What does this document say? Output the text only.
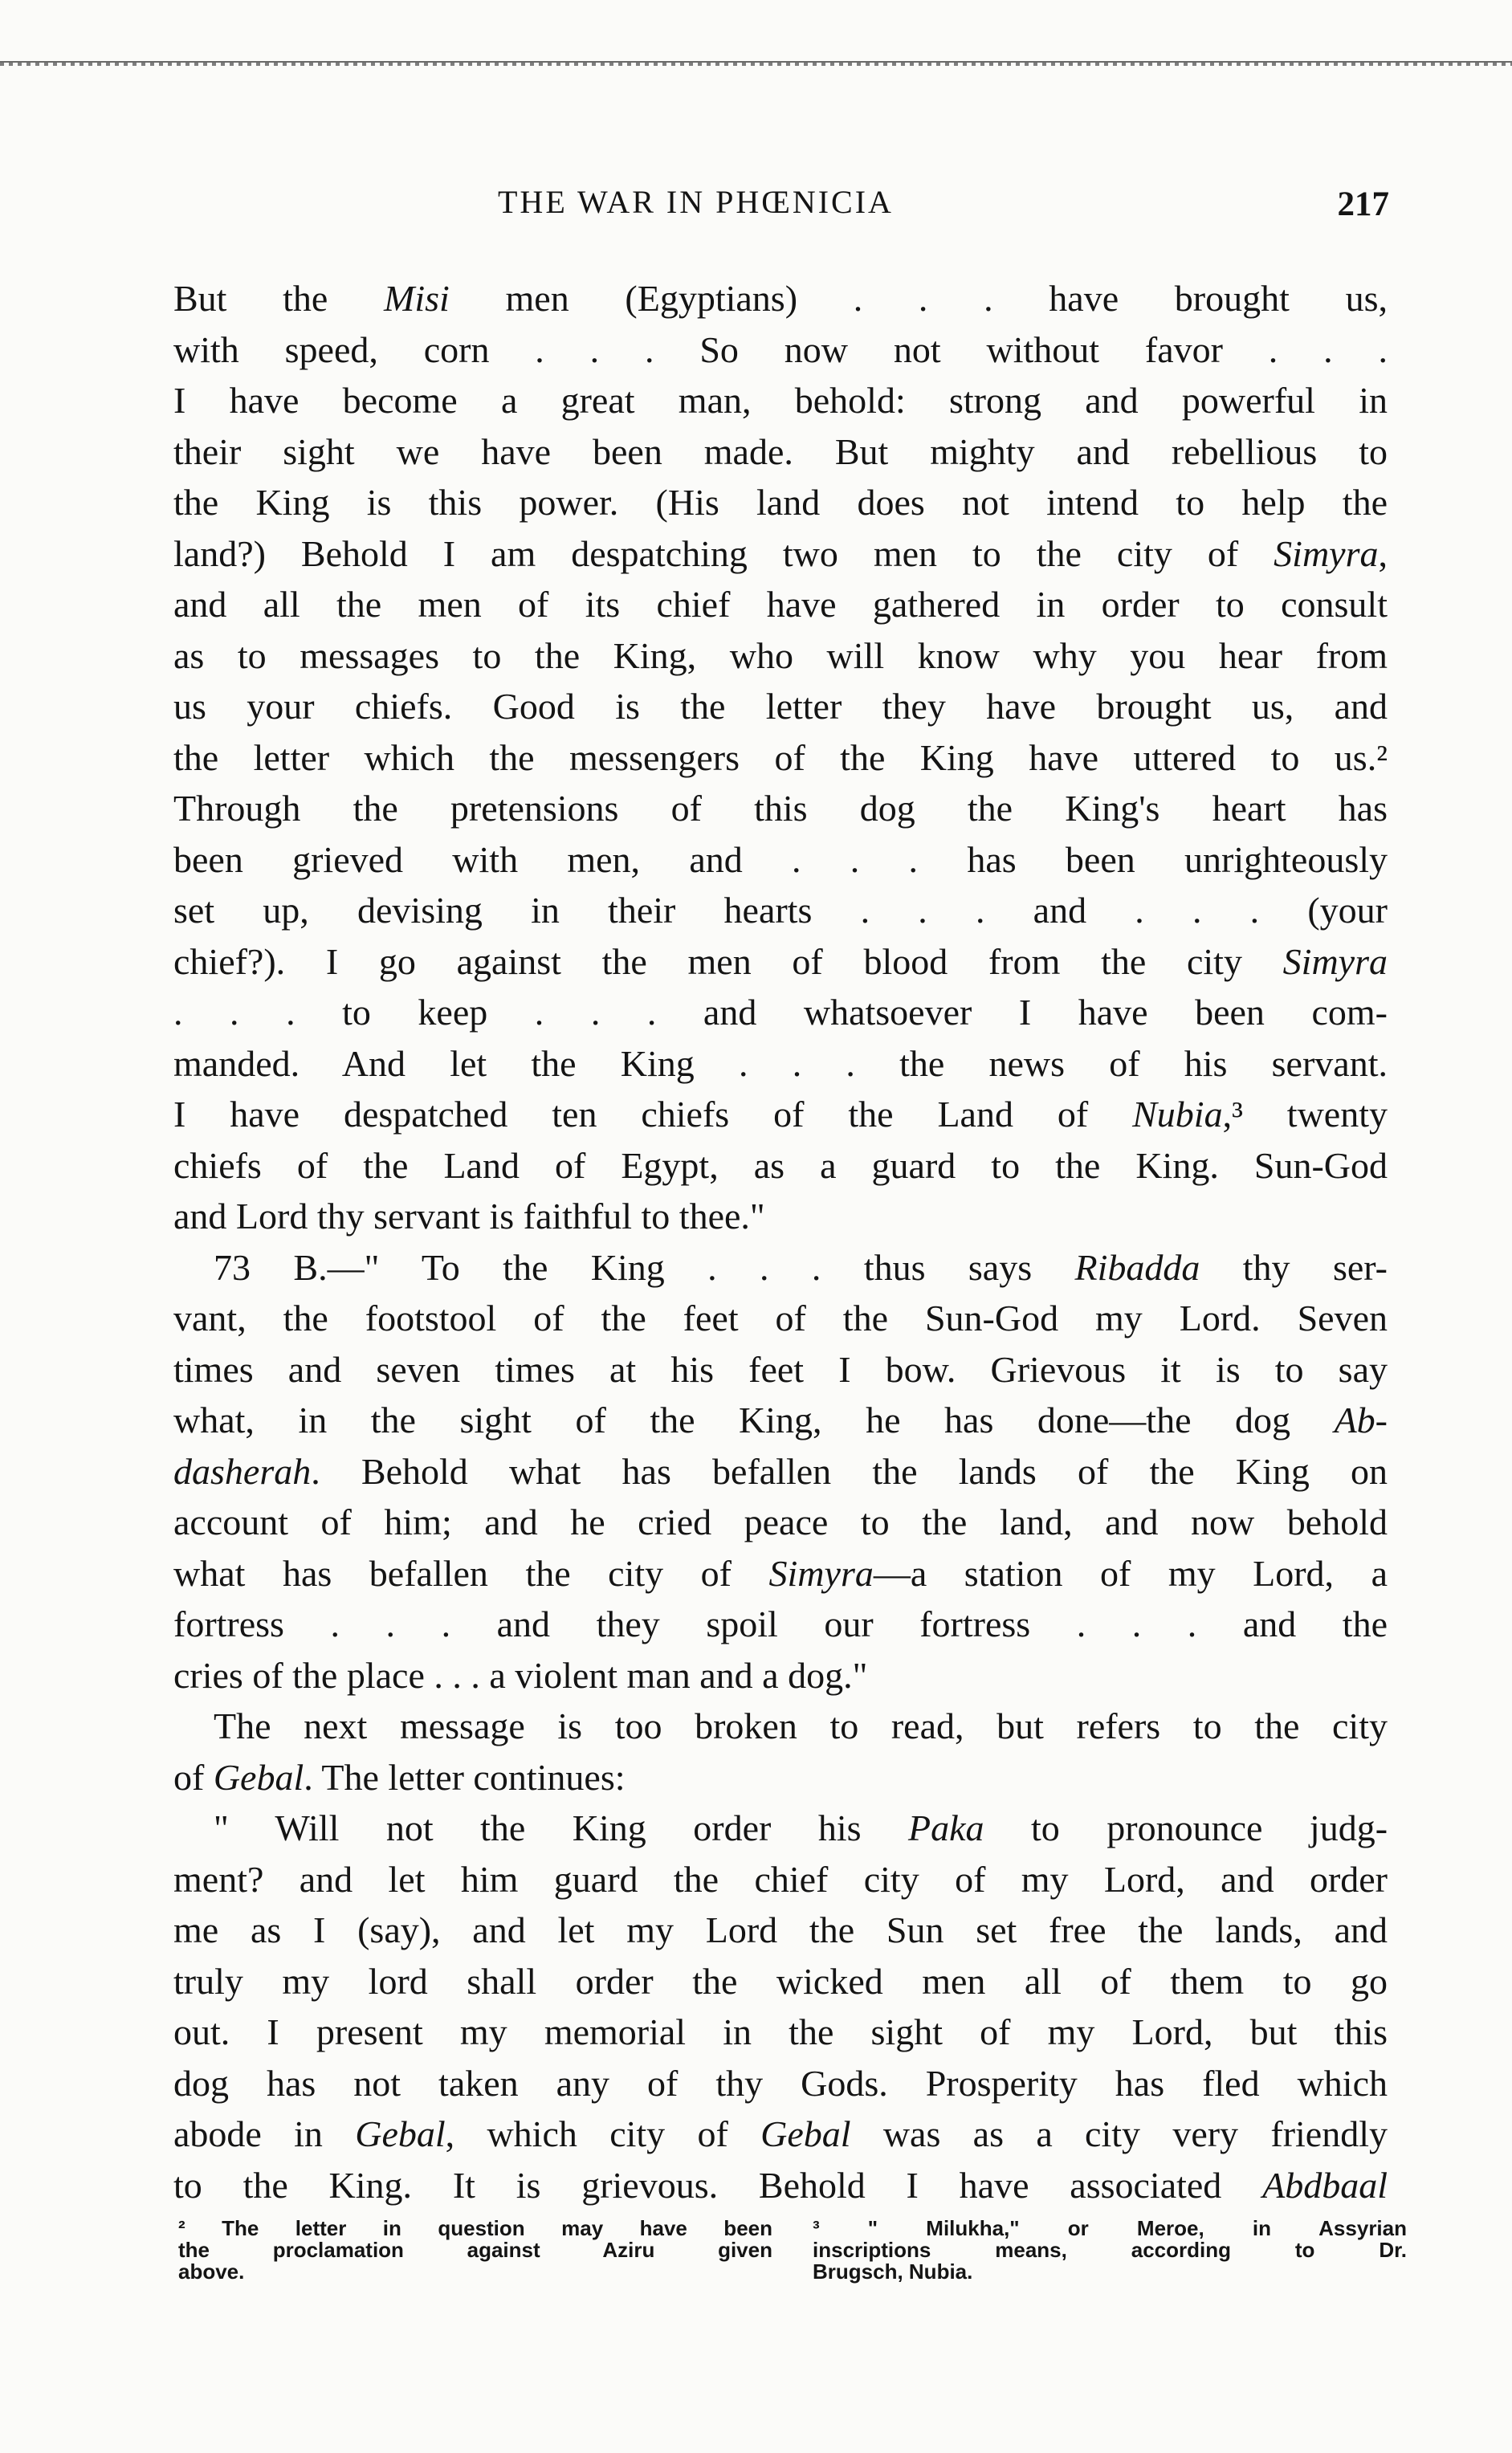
THE WAR IN PHŒNICIA	217
But the Misi men (Egyptians) . . . have brought us,
with speed, corn . . . So now not without favor . . .
I have become a great man, behold: strong and powerful in
their sight we have been made. But mighty and rebellious to
the King is this power. (His land does not intend to help the
land?) Behold I am despatching two men to the city of Simyra,
and all the men of its chief have gathered in order to consult
as to messages to the King, who will know why you hear from
us your chiefs. Good is the letter they have brought us, and
the letter which the messengers of the King have uttered to us.²
Through the pretensions of this dog the King's heart has
been grieved with men, and . . . has been unrighteously
set up, devising in their hearts . . . and . . . (your
chief?). I go against the men of blood from the city Simyra
. . . to keep . . . and whatsoever I have been com-
manded. And let the King . . . the news of his servant.
I have despatched ten chiefs of the Land of Nubia,³ twenty
chiefs of the Land of Egypt, as a guard to the King. Sun-God
and Lord thy servant is faithful to thee."
73 B.—" To the King . . . thus says Ribadda thy ser-
vant, the footstool of the feet of the Sun-God my Lord. Seven
times and seven times at his feet I bow. Grievous it is to say
what, in the sight of the King, he has done—the dog Ab-
dasherah. Behold what has befallen the lands of the King on
account of him; and he cried peace to the land, and now behold
what has befallen the city of Simyra—a station of my Lord, a
fortress . . . and they spoil our fortress . . . and the
cries of the place . . . a violent man and a dog."
The next message is too broken to read, but refers to the city
of Gebal. The letter continues:
" Will not the King order his Paka to pronounce judg-
ment? and let him guard the chief city of my Lord, and order
me as I (say), and let my Lord the Sun set free the lands, and
truly my lord shall order the wicked men all of them to go
out. I present my memorial in the sight of my Lord, but this
dog has not taken any of thy Gods. Prosperity has fled which
abode in Gebal, which city of Gebal was as a city very friendly
to the King. It is grievous. Behold I have associated Abdbaal
² The letter in question may have been
the proclamation against Aziru given
above.
³ " Milukha," or Meroe, in Assyrian
inscriptions means, according to Dr.
Brugsch, Nubia.
